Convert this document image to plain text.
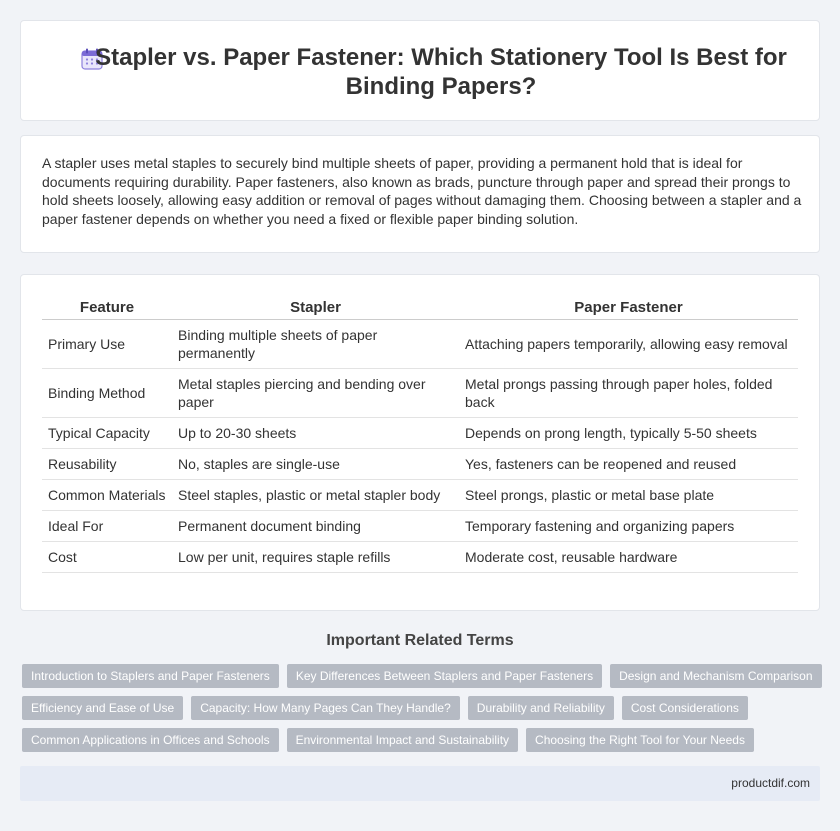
Stapler vs. Paper Fastener: Which Stationery Tool Is Best for Binding Papers?

A stapler uses metal staples to securely bind multiple sheets of paper, providing a permanent hold that is ideal for documents requiring durability. Paper fasteners, also known as brads, puncture through paper and spread their prongs to hold sheets loosely, allowing easy addition or removal of pages without damaging them. Choosing between a stapler and a paper fastener depends on whether you need a fixed or flexible paper binding solution.

Feature	Stapler	Paper Fastener
Primary Use	Binding multiple sheets of paper permanently	Attaching papers temporarily, allowing easy removal
Binding Method	Metal staples piercing and bending over paper	Metal prongs passing through paper holes, folded back
Typical Capacity	Up to 20-30 sheets	Depends on prong length, typically 5-50 sheets
Reusability	No, staples are single-use	Yes, fasteners can be reopened and reused
Common Materials	Steel staples, plastic or metal stapler body	Steel prongs, plastic or metal base plate
Ideal For	Permanent document binding	Temporary fastening and organizing papers
Cost	Low per unit, requires staple refills	Moderate cost, reusable hardware
Important Related Terms
Introduction to Staplers and Paper Fasteners	Key Differences Between Staplers and Paper Fasteners	Design and Mechanism Comparison
Efficiency and Ease of Use	Capacity: How Many Pages Can They Handle?	Durability and Reliability	Cost Considerations
Common Applications in Offices and Schools	Environmental Impact and Sustainability	Choosing the Right Tool for Your Needs
productdif.com
